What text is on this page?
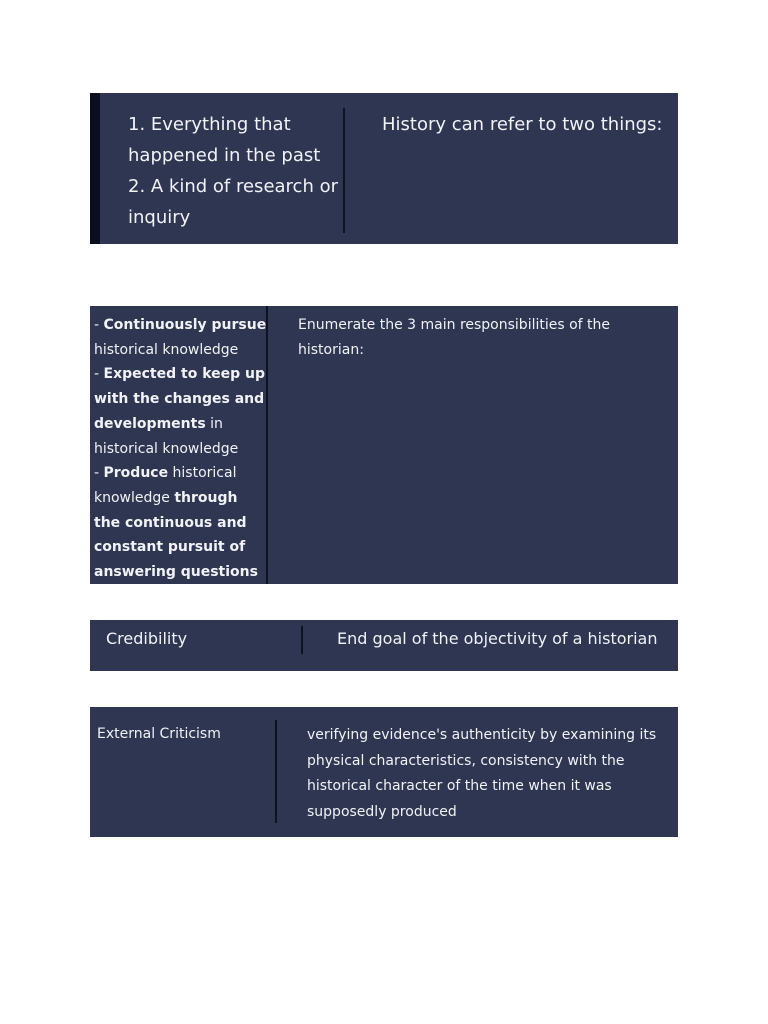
1. Everything that
happened in the past
2. A kind of research or
inquiry
History can refer to two things:
- Continuously pursue
historical knowledge
- Expected to keep up
with the changes and
developments in
historical knowledge
- Produce historical
knowledge through
the continuous and
constant pursuit of
answering questions
Enumerate the 3 main responsibilities of the
historian:
Credibility	End goal of the objectivity of a historian
External Criticism	verifying evidence's authenticity by examining its
physical characteristics, consistency with the
historical character of the time when it was
supposedly produced
